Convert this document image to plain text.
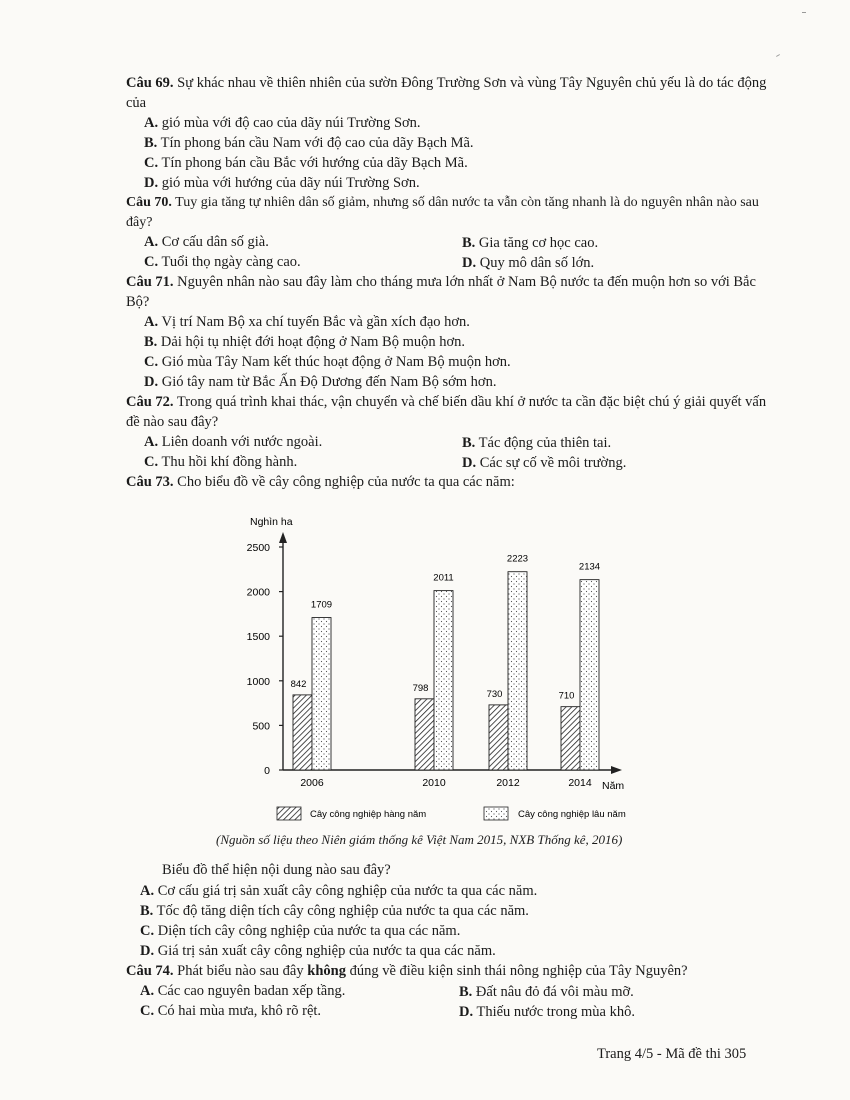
Câu 69. Sự khác nhau về thiên nhiên của sườn Đông Trường Sơn và vùng Tây Nguyên chủ yếu là do tác động của
A. gió mùa với độ cao của dãy núi Trường Sơn.
B. Tín phong bán cầu Nam với độ cao của dãy Bạch Mã.
C. Tín phong bán cầu Bắc với hướng của dãy Bạch Mã.
D. gió mùa với hướng của dãy núi Trường Sơn.
Câu 70. Tuy gia tăng tự nhiên dân số giảm, nhưng số dân nước ta vẫn còn tăng nhanh là do nguyên nhân nào sau đây?
A. Cơ cấu dân số già.	B. Gia tăng cơ học cao.
C. Tuổi thọ ngày càng cao.	D. Quy mô dân số lớn.
Câu 71. Nguyên nhân nào sau đây làm cho tháng mưa lớn nhất ở Nam Bộ nước ta đến muộn hơn so với Bắc Bộ?
A. Vị trí Nam Bộ xa chí tuyến Bắc và gần xích đạo hơn.
B. Dải hội tụ nhiệt đới hoạt động ở Nam Bộ muộn hơn.
C. Gió mùa Tây Nam kết thúc hoạt động ở Nam Bộ muộn hơn.
D. Gió tây nam từ Bắc Ấn Độ Dương đến Nam Bộ sớm hơn.
Câu 72. Trong quá trình khai thác, vận chuyển và chế biến dầu khí ở nước ta cần đặc biệt chú ý giải quyết vấn đề nào sau đây?
A. Liên doanh với nước ngoài.	B. Tác động của thiên tai.
C. Thu hồi khí đồng hành.	D. Các sự cố về môi trường.
Câu 73. Cho biểu đồ về cây công nghiệp của nước ta qua các năm:
Nghìn ha
0
500
1000
1500
2000
2500
Năm
842
1709
798
2011
730
2223
710
2134
2006	2010	2012	2014
Cây công nghiệp hàng năm	Cây công nghiệp lâu năm
(Nguồn số liệu theo Niên giám thống kê Việt Nam 2015, NXB Thống kê, 2016)
Biểu đồ thể hiện nội dung nào sau đây?
A. Cơ cấu giá trị sản xuất cây công nghiệp của nước ta qua các năm.
B. Tốc độ tăng diện tích cây công nghiệp của nước ta qua các năm.
C. Diện tích cây công nghiệp của nước ta qua các năm.
D. Giá trị sản xuất cây công nghiệp của nước ta qua các năm.
Câu 74. Phát biểu nào sau đây không đúng về điều kiện sinh thái nông nghiệp của Tây Nguyên?
A. Các cao nguyên badan xếp tầng.	B. Đất nâu đỏ đá vôi màu mỡ.
C. Có hai mùa mưa, khô rõ rệt.	D. Thiếu nước trong mùa khô.
Trang 4/5 - Mã đề thi 305
